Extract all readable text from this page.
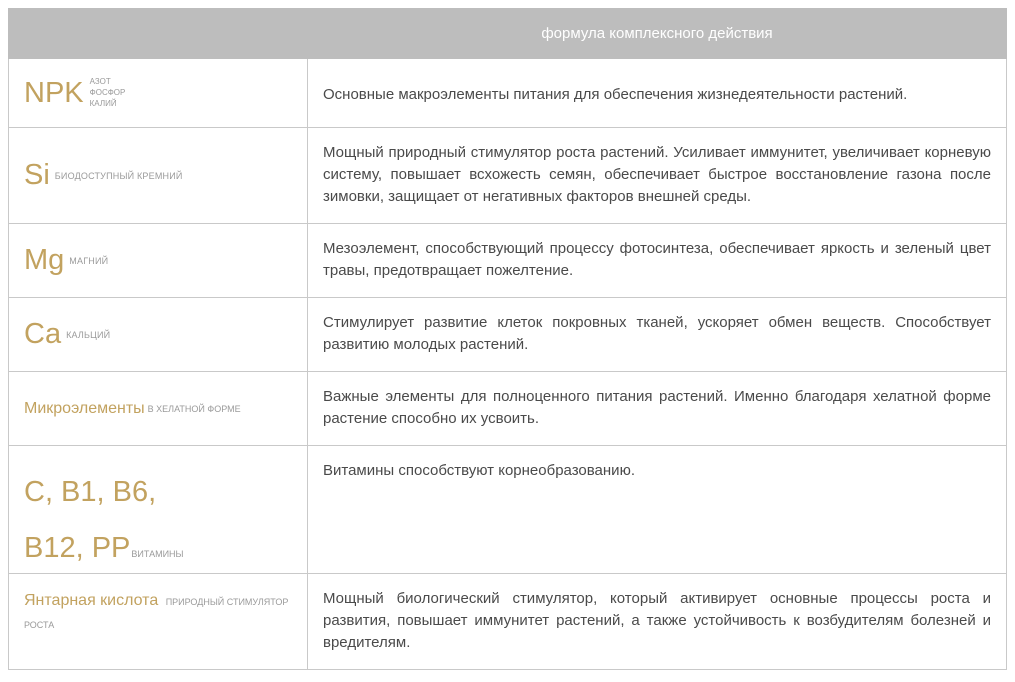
формула комплексного действия
NPK АЗОТ
ФОСФОР
КАЛИЙ	Основные макроэлементы питания для обеспечения жизнедеятельности растений.
Si БИОДОСТУПНЫЙ КРЕМНИЙ
Мощный природный стимулятор роста растений. Усиливает иммунитет, увеличивает корневую систему, повышает всхожесть семян, обеспечивает быстрое восстановление газона после зимовки, защищает от негативных факторов внешней среды.
Mg МАГНИЙ
Мезоэлемент, способствующий процессу фотосинтеза, обеспечивает яркость и зеленый цвет травы, предотвращает пожелтение.
Ca КАЛЬЦИЙ
Стимулирует развитие клеток покровных тканей, ускоряет обмен веществ. Способствует развитию молодых растений.
Микроэлементы В ХЕЛАТНОЙ ФОРМЕ
Важные элементы для полноценного питания растений. Именно благодаря хелатной форме растение способно их усвоить.
С, В1, В6,
В12, РРВИТАМИНЫ
Витамины способствуют корнеобразованию.
Янтарная кислота ПРИРОДНЫЙ СТИМУЛЯТОР РОСТА
Мощный биологический стимулятор, который активирует основные процессы роста и развития, повышает иммунитет растений, а также устойчивость к возбудителям болезней и вредителям.
